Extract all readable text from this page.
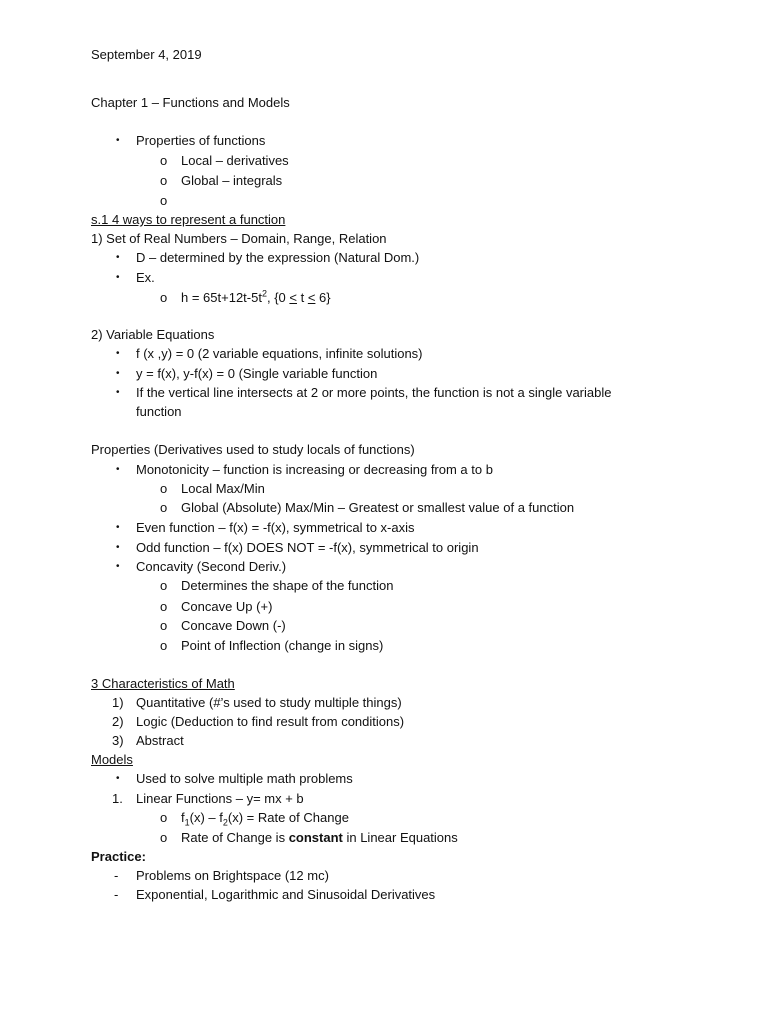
September 4, 2019
Chapter 1 – Functions and Models
• Properties of functions
o Local – derivatives
o Global – integrals
o
s.1 4 ways to represent a function
1) Set of Real Numbers – Domain, Range, Relation
• D – determined by the expression (Natural Dom.)
• Ex.
o $h = 65t+12t-5t^2$, {0 < t < 6}
2) Variable Equations
• f (x ,y) = 0 (2 variable equations, infinite solutions)
• y = f(x), y-f(x) = 0 (Single variable function
• If the vertical line intersects at 2 or more points, the function is not a single variable
function
Properties (Derivatives used to study locals of functions)
• Monotonicity – function is increasing or decreasing from a to b
o Local Max/Min
o Global (Absolute) Max/Min – Greatest or smallest value of a function
• Even function – f(x) = -f(x), symmetrical to x-axis
• Odd function – f(x) DOES NOT = -f(x), symmetrical to origin
• Concavity (Second Deriv.)
o Determines the shape of the function
o Concave Up (+)
o Concave Down (-)
o Point of Inflection (change in signs)
3 Characteristics of Math
1) Quantitative (#’s used to study multiple things)
2) Logic (Deduction to find result from conditions)
3) Abstract
Models
• Used to solve multiple math problems
1. Linear Functions – y= mx + b
o $f_1(x) - f_2(x)$ = Rate of Change
o Rate of Change is constant in Linear Equations
Practice:
- Problems on Brightspace (12 mc)
- Exponential, Logarithmic and Sinusoidal Derivatives
